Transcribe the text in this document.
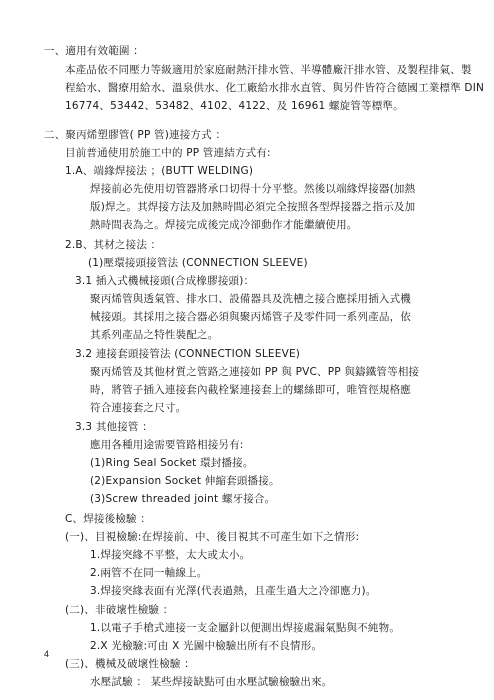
一、適用有效範圍 ：
本產品依不同壓力等級適用於家庭耐熱汗排水管、半導體廠汗排水管、及製程排氣、製
程給水、醫療用給水、溫泉供水、化工廠給水排水直管、與另件皆符合德國工業標準 DIN
16774、53442、53482、4102、4122、及 16961 螺旋管等標準。
二、聚丙烯塑膠管( PP 管)連接方式 ：
目前普通使用於施工中的 PP 管連結方式有:
1.A、端緣焊接法 ；(BUTT WELDING)
焊接前必先使用切管器將承口切得十分平整。然後以端緣焊接器(加熱
版)焊之。其焊接方法及加熱時間必須完全按照各型焊接器之指示及加
熱時間表為之。焊接完成後完成冷卻動作才能繼續使用。
2.B、其材之接法 ：
(1)壓環接頭接管法 (CONNECTION SLEEVE)
3.1 插入式機械接頭(合成橡膠接頭)：
聚丙烯管與透氣管、排水口、設備器具及洗槽之接合應採用插入式機
械接頭。其採用之接合器必須與聚丙烯管子及零件同一系列產品，依
其系列產品之特性裝配之。
3.2 連接套頭接管法 (CONNECTION SLEEVE)
聚丙烯管及其他材質之管路之連接如 PP 與 PVC、PP 與鑄鐵管等相接
時，將管子插入連接套內截栓緊連接套上的螺絲即可，唯管徑規格應
符合連接套之尺寸。
3.3 其他接管 ：
應用各種用途需要管路相接另有:
(1)Ring Seal Socket 環封播接。
(2)Expansion Socket 伸縮套頭播接。
(3)Screw threaded joint 螺牙接合。
C、焊接後檢驗 ：
(一)、目視檢驗:在焊接前、中、後目視其不可產生如下之情形:
1.焊接突緣不平整，太大或太小。
2.兩管不在同一軸線上。
3.焊接突緣表面有光澤(代表過熱，且產生過大之冷卻應力)。
(二)、非破壞性檢驗 ：
1.以電子手槍式連接一支金屬針以便測出焊接處漏氣點與不純物。
2.X 光檢驗:可由 X 光圖中檢驗出所有不良情形。
(三)、機械及破壞性檢驗 ：
水壓試驗 ： 某些焊接缺點可由水壓試驗檢驗出來。
4
